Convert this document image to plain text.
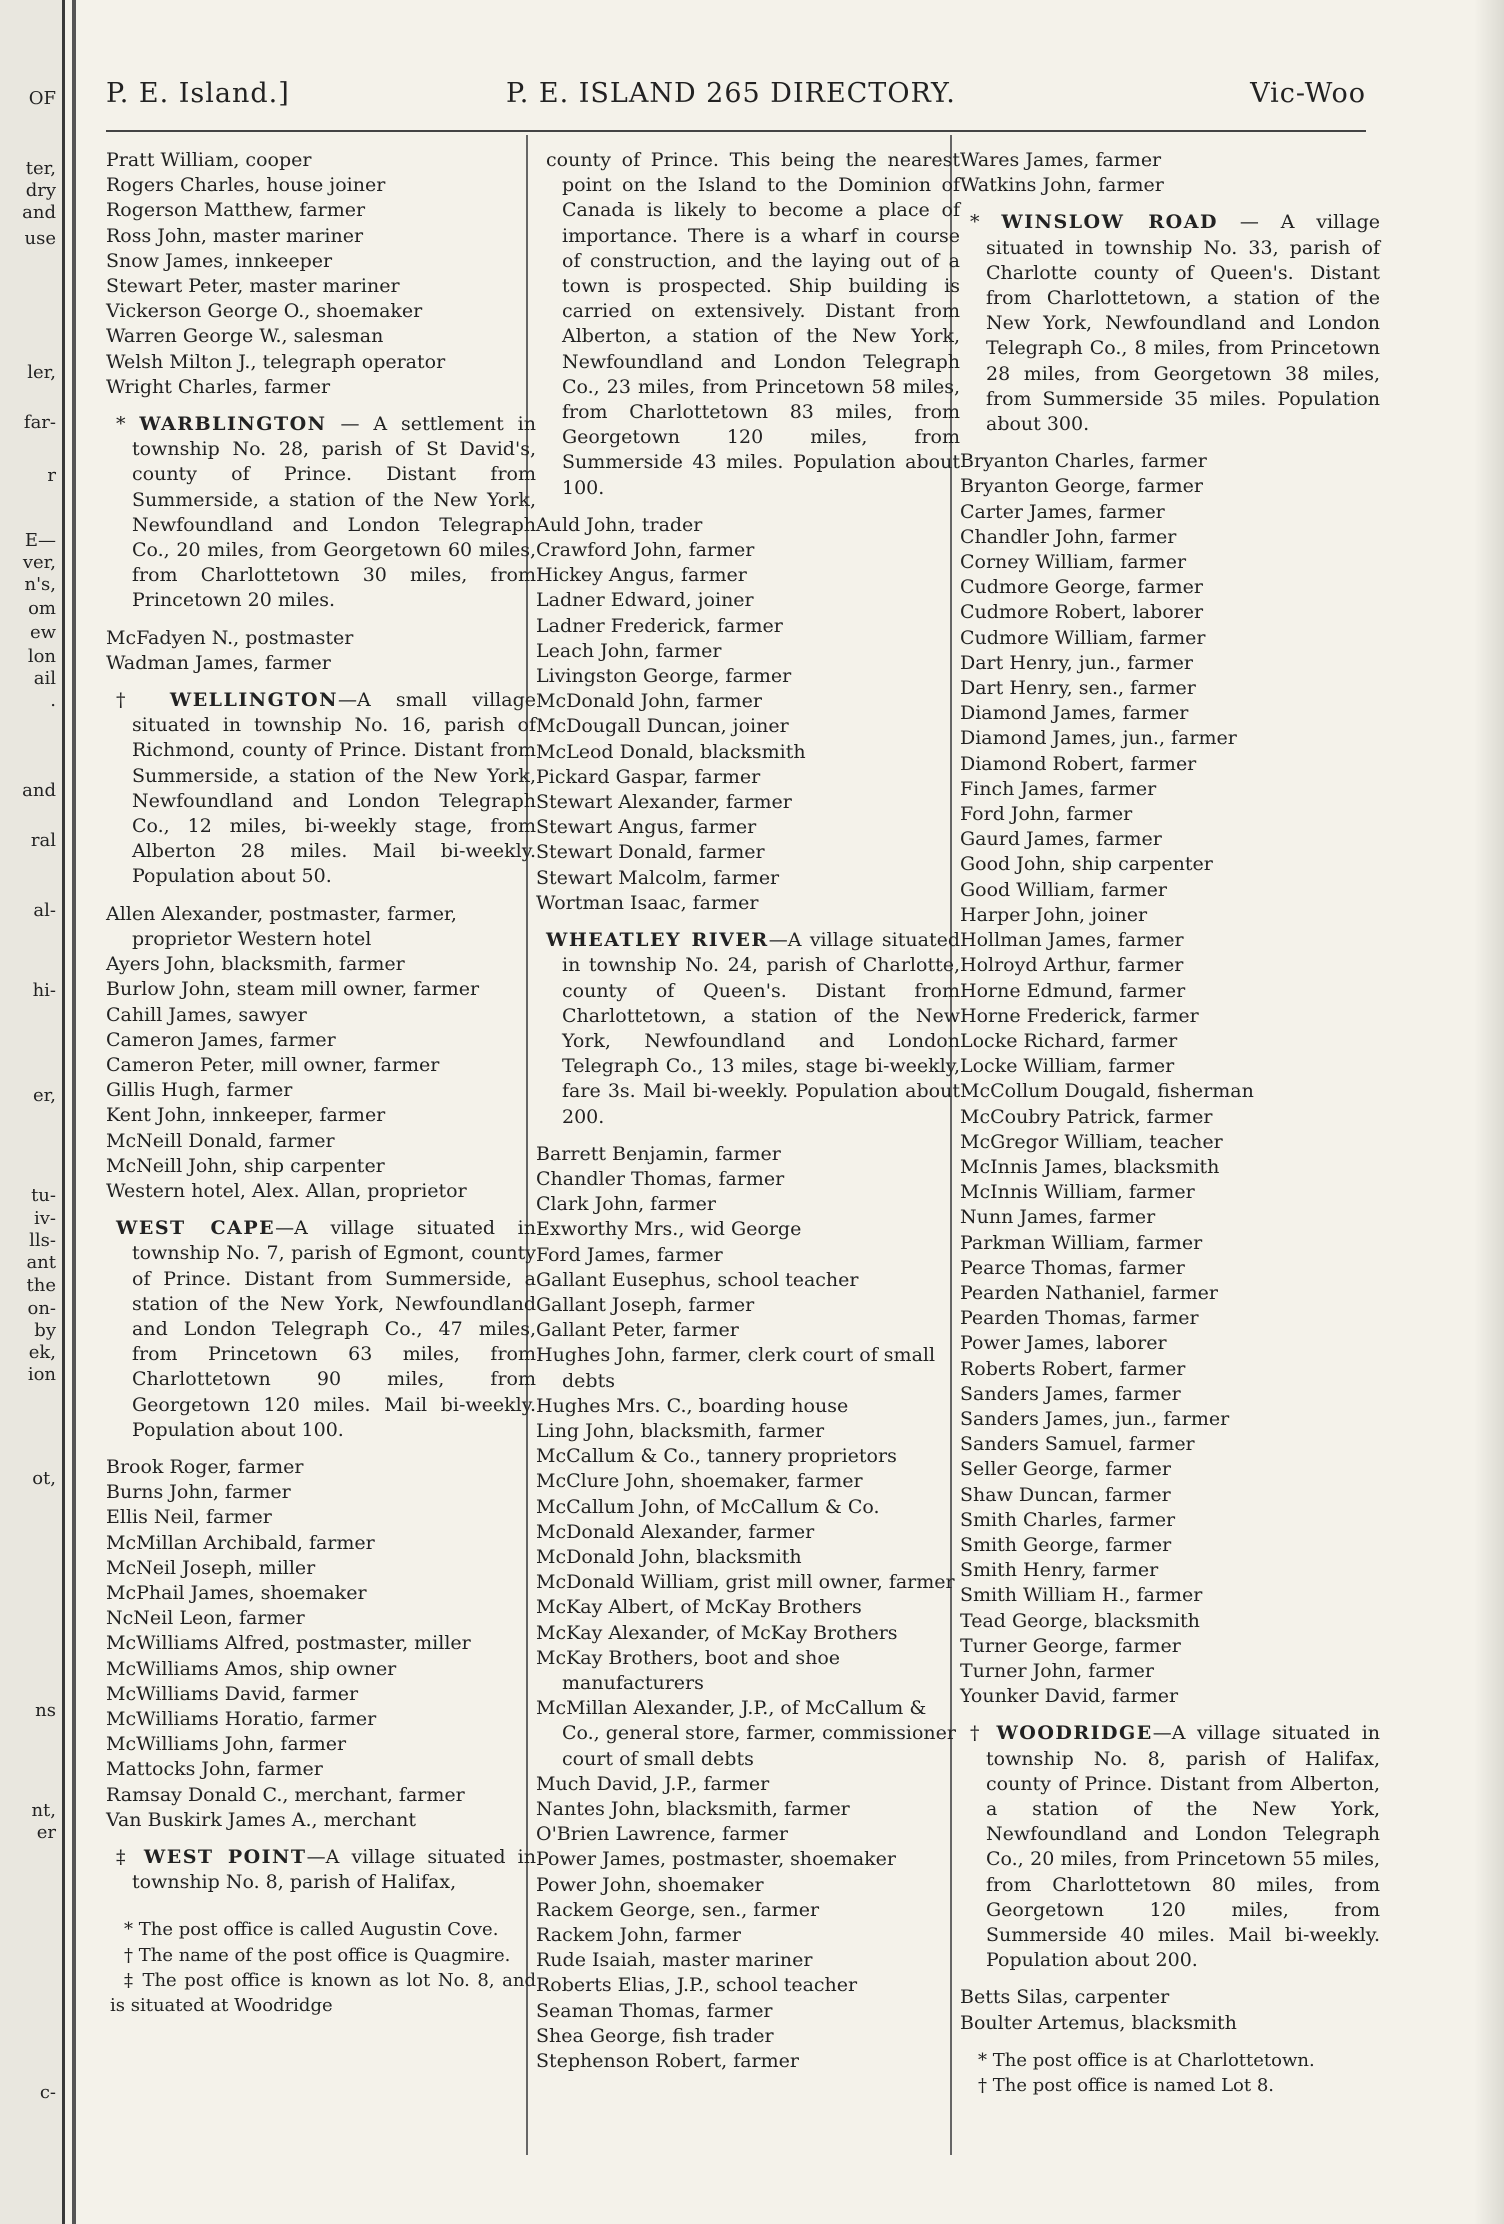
OF
ter,
dry
and
use
ler,
far-
r
E—
ver,
n's,
om
ew
lon
ail
.
and
ral
al-
hi-
er,
tu-
iv-
lls-
ant
the
on-
by
ek,
ion
ot,
ns
nt,
er
c-
P. E. Island.]	P. E. ISLAND 265 DIRECTORY.	Vic-Woo
Pratt William, cooper
Rogers Charles, house joiner
Rogerson Matthew, farmer
Ross John, master mariner
Snow James, innkeeper
Stewart Peter, master mariner
Vickerson George O., shoemaker
Warren George W., salesman
Welsh Milton J., telegraph operator
Wright Charles, farmer
* WARBLINGTON — A settlement in township No. 28, parish of St David's, county of Prince. Distant from Summerside, a station of the New York, Newfoundland and London Telegraph Co., 20 miles, from Georgetown 60 miles, from Charlottetown 30 miles, from Princetown 20 miles.
McFadyen N., postmaster
Wadman James, farmer
† WELLINGTON—A small village situated in township No. 16, parish of Richmond, county of Prince. Distant from Summerside, a station of the New York, Newfoundland and London Telegraph Co., 12 miles, bi-weekly stage, from Alberton 28 miles. Mail bi-weekly. Population about 50.
Allen Alexander, postmaster, farmer, proprietor Western hotel
Ayers John, blacksmith, farmer
Burlow John, steam mill owner, farmer
Cahill James, sawyer
Cameron James, farmer
Cameron Peter, mill owner, farmer
Gillis Hugh, farmer
Kent John, innkeeper, farmer
McNeill Donald, farmer
McNeill John, ship carpenter
Western hotel, Alex. Allan, proprietor
WEST CAPE—A village situated in township No. 7, parish of Egmont, county of Prince. Distant from Summerside, a station of the New York, Newfoundland and London Telegraph Co., 47 miles, from Princetown 63 miles, from Charlottetown 90 miles, from Georgetown 120 miles. Mail bi-weekly. Population about 100.
Brook Roger, farmer
Burns John, farmer
Ellis Neil, farmer
McMillan Archibald, farmer
McNeil Joseph, miller
McPhail James, shoemaker
NcNeil Leon, farmer
McWilliams Alfred, postmaster, miller
McWilliams Amos, ship owner
McWilliams David, farmer
McWilliams Horatio, farmer
McWilliams John, farmer
Mattocks John, farmer
Ramsay Donald C., merchant, farmer
Van Buskirk James A., merchant
‡ WEST POINT—A village situated in township No. 8, parish of Halifax,
* The post office is called Augustin Cove.
† The name of the post office is Quagmire.
‡ The post office is known as lot No. 8, and is situated at Woodridge
county of Prince. This being the nearest point on the Island to the Dominion of Canada is likely to become a place of importance. There is a wharf in course of construction, and the laying out of a town is prospected. Ship building is carried on extensively. Distant from Alberton, a station of the New York, Newfoundland and London Telegraph Co., 23 miles, from Princetown 58 miles, from Charlottetown 83 miles, from Georgetown 120 miles, from Summerside 43 miles. Population about 100.
Auld John, trader
Crawford John, farmer
Hickey Angus, farmer
Ladner Edward, joiner
Ladner Frederick, farmer
Leach John, farmer
Livingston George, farmer
McDonald John, farmer
McDougall Duncan, joiner
McLeod Donald, blacksmith
Pickard Gaspar, farmer
Stewart Alexander, farmer
Stewart Angus, farmer
Stewart Donald, farmer
Stewart Malcolm, farmer
Wortman Isaac, farmer
WHEATLEY RIVER—A village situated in township No. 24, parish of Charlotte, county of Queen's. Distant from Charlottetown, a station of the New York, Newfoundland and London Telegraph Co., 13 miles, stage bi-weekly, fare 3s. Mail bi-weekly. Population about 200.
Barrett Benjamin, farmer
Chandler Thomas, farmer
Clark John, farmer
Exworthy Mrs., wid George
Ford James, farmer
Gallant Eusephus, school teacher
Gallant Joseph, farmer
Gallant Peter, farmer
Hughes John, farmer, clerk court of small debts
Hughes Mrs. C., boarding house
Ling John, blacksmith, farmer
McCallum & Co., tannery proprietors
McClure John, shoemaker, farmer
McCallum John, of McCallum & Co.
McDonald Alexander, farmer
McDonald John, blacksmith
McDonald William, grist mill owner, farmer
McKay Albert, of McKay Brothers
McKay Alexander, of McKay Brothers
McKay Brothers, boot and shoe manufacturers
McMillan Alexander, J.P., of McCallum & Co., general store, farmer, commissioner court of small debts
Much David, J.P., farmer
Nantes John, blacksmith, farmer
O'Brien Lawrence, farmer
Power James, postmaster, shoemaker
Power John, shoemaker
Rackem George, sen., farmer
Rackem John, farmer
Rude Isaiah, master mariner
Roberts Elias, J.P., school teacher
Seaman Thomas, farmer
Shea George, fish trader
Stephenson Robert, farmer
Wares James, farmer
Watkins John, farmer
* WINSLOW ROAD — A village situated in township No. 33, parish of Charlotte county of Queen's. Distant from Charlottetown, a station of the New York, Newfoundland and London Telegraph Co., 8 miles, from Princetown 28 miles, from Georgetown 38 miles, from Summerside 35 miles. Population about 300.
Bryanton Charles, farmer
Bryanton George, farmer
Carter James, farmer
Chandler John, farmer
Corney William, farmer
Cudmore George, farmer
Cudmore Robert, laborer
Cudmore William, farmer
Dart Henry, jun., farmer
Dart Henry, sen., farmer
Diamond James, farmer
Diamond James, jun., farmer
Diamond Robert, farmer
Finch James, farmer
Ford John, farmer
Gaurd James, farmer
Good John, ship carpenter
Good William, farmer
Harper John, joiner
Hollman James, farmer
Holroyd Arthur, farmer
Horne Edmund, farmer
Horne Frederick, farmer
Locke Richard, farmer
Locke William, farmer
McCollum Dougald, fisherman
McCoubry Patrick, farmer
McGregor William, teacher
McInnis James, blacksmith
McInnis William, farmer
Nunn James, farmer
Parkman William, farmer
Pearce Thomas, farmer
Pearden Nathaniel, farmer
Pearden Thomas, farmer
Power James, laborer
Roberts Robert, farmer
Sanders James, farmer
Sanders James, jun., farmer
Sanders Samuel, farmer
Seller George, farmer
Shaw Duncan, farmer
Smith Charles, farmer
Smith George, farmer
Smith Henry, farmer
Smith William H., farmer
Tead George, blacksmith
Turner George, farmer
Turner John, farmer
Younker David, farmer
† WOODRIDGE—A village situated in township No. 8, parish of Halifax, county of Prince. Distant from Alberton, a station of the New York, Newfoundland and London Telegraph Co., 20 miles, from Princetown 55 miles, from Charlottetown 80 miles, from Georgetown 120 miles, from Summerside 40 miles. Mail bi-weekly. Population about 200.
Betts Silas, carpenter
Boulter Artemus, blacksmith
* The post office is at Charlottetown.
† The post office is named Lot 8.
